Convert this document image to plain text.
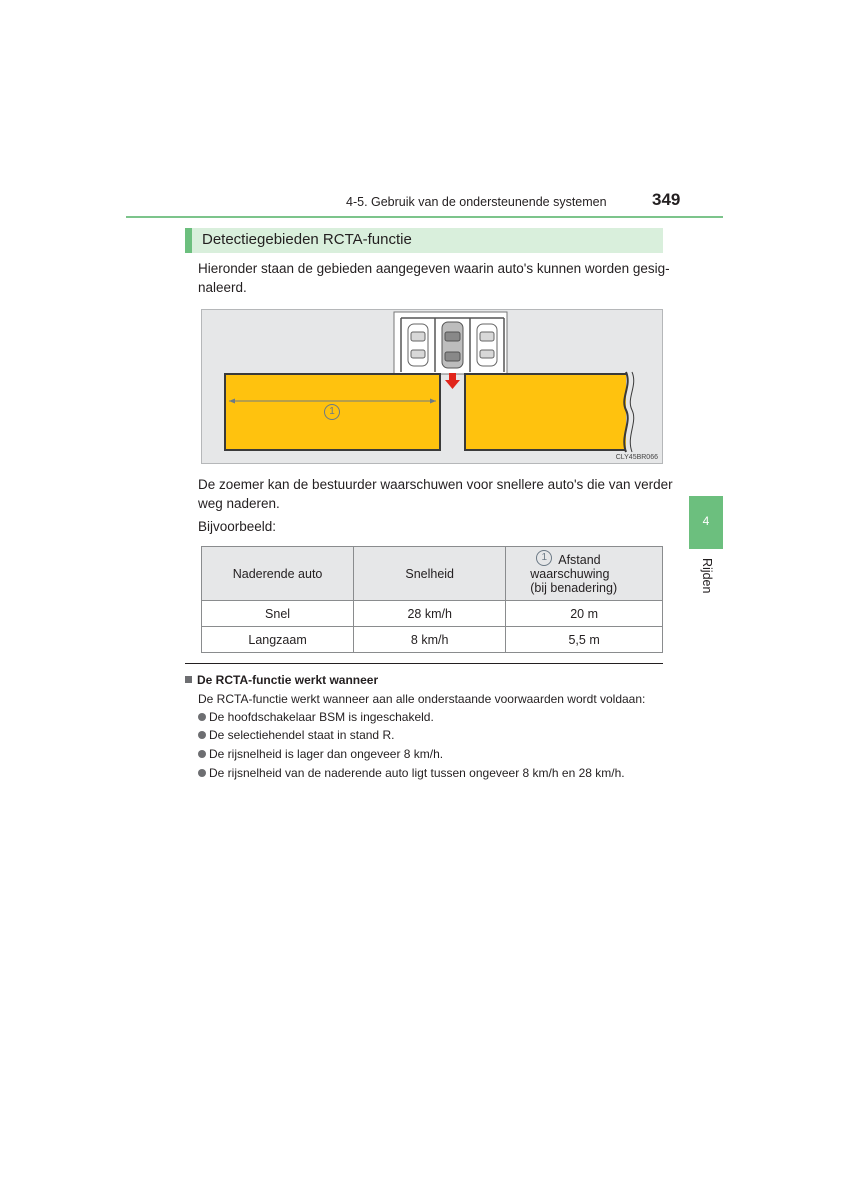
4-5. Gebruik van de ondersteunende systemen	349
4
Rijden
Detectiegebieden RCTA-functie
Hieronder staan de gebieden aangegeven waarin auto's kunnen worden gesig-
naleerd.
1
CLY45BR066
De zoemer kan de bestuurder waarschuwen voor snellere auto's die van verder
weg naderen.
Bijvoorbeeld:
Naderende auto	Snelheid	1 Afstand
waarschuwing
(bij benadering)

Snel	28 km/h	20 m
Langzaam	8 km/h	5,5 m
De RCTA-functie werkt wanneer
De RCTA-functie werkt wanneer aan alle onderstaande voorwaarden wordt voldaan:
De hoofdschakelaar BSM is ingeschakeld.
De selectiehendel staat in stand R.
De rijsnelheid is lager dan ongeveer 8 km/h.
De rijsnelheid van de naderende auto ligt tussen ongeveer 8 km/h en 28 km/h.
